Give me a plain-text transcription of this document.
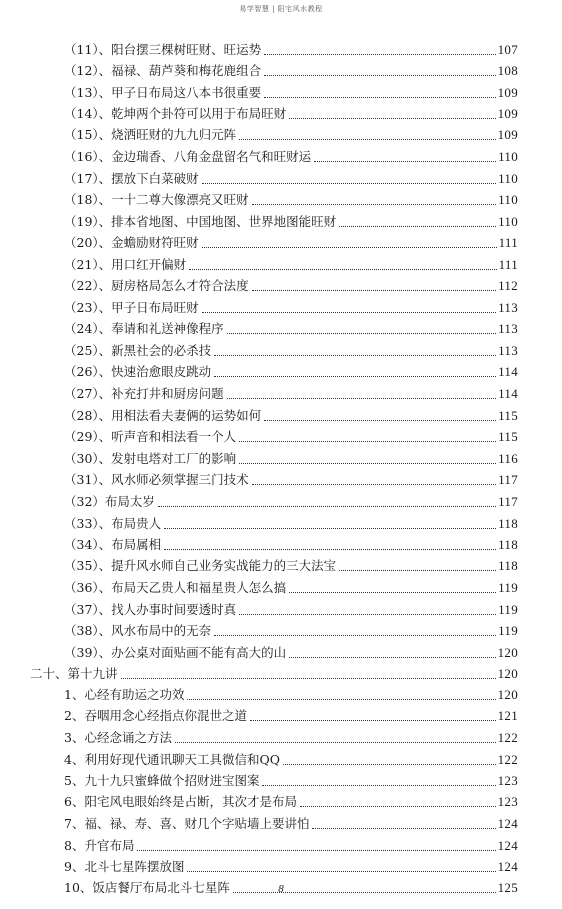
易学智慧 | 阳宅风水教程
（11）、阳台摆三棵树旺财、旺运势	107
（12）、福禄、葫芦葵和梅花鹿组合	108
（13）、甲子日布局这八本书很重要	109
（14）、乾坤两个卦符可以用于布局旺财	109
（15）、烧洒旺财的九九归元阵	109
（16）、金边瑞香、八角金盘留名气和旺财运	110
（17）、摆放下白菜破财	110
（18）、一十二尊大像漂亮又旺财	110
（19）、排本省地图、中国地图、世界地图能旺财	110
（20）、金蟾励财符旺财	111
（21）、用口红开偏财	111
（22）、厨房格局怎么才符合法度	112
（23）、甲子日布局旺财	113
（24）、奉请和礼送神像程序	113
（25）、新黑社会的必杀技	113
（26）、快速治愈眼皮跳动	114
（27）、补充打井和厨房问题	114
（28）、用相法看夫妻俩的运势如何	115
（29）、听声音和相法看一个人	115
（30）、发射电塔对工厂的影响	116
（31）、风水师必须掌握三门技术	117
（32）布局太岁	117
（33）、布局贵人	118
（34）、布局属相	118
（35）、提升风水师自己业务实战能力的三大法宝	118
（36）、布局天乙贵人和福星贵人怎么搞	119
（37）、找人办事时间要透时真	119
（38）、风水布局中的无奈	119
（39）、办公桌对面贴画不能有高大的山	120
二十、第十九讲	120
1、心经有助运之功效	120
2、吞咽用念心经指点你混世之道	121
3、心经念诵之方法	122
4、利用好现代通讯聊天工具微信和QQ	122
5、九十九只蜜蜂做个招财进宝图案	123
6、阳宅风电眼始终是占断，其次才是布局	123
7、福、禄、寿、喜、财几个字贴墙上要讲怕	124
8、升官布局	124
9、北斗七星阵摆放图	124
10、饭店餐厅布局北斗七星阵	125
8
